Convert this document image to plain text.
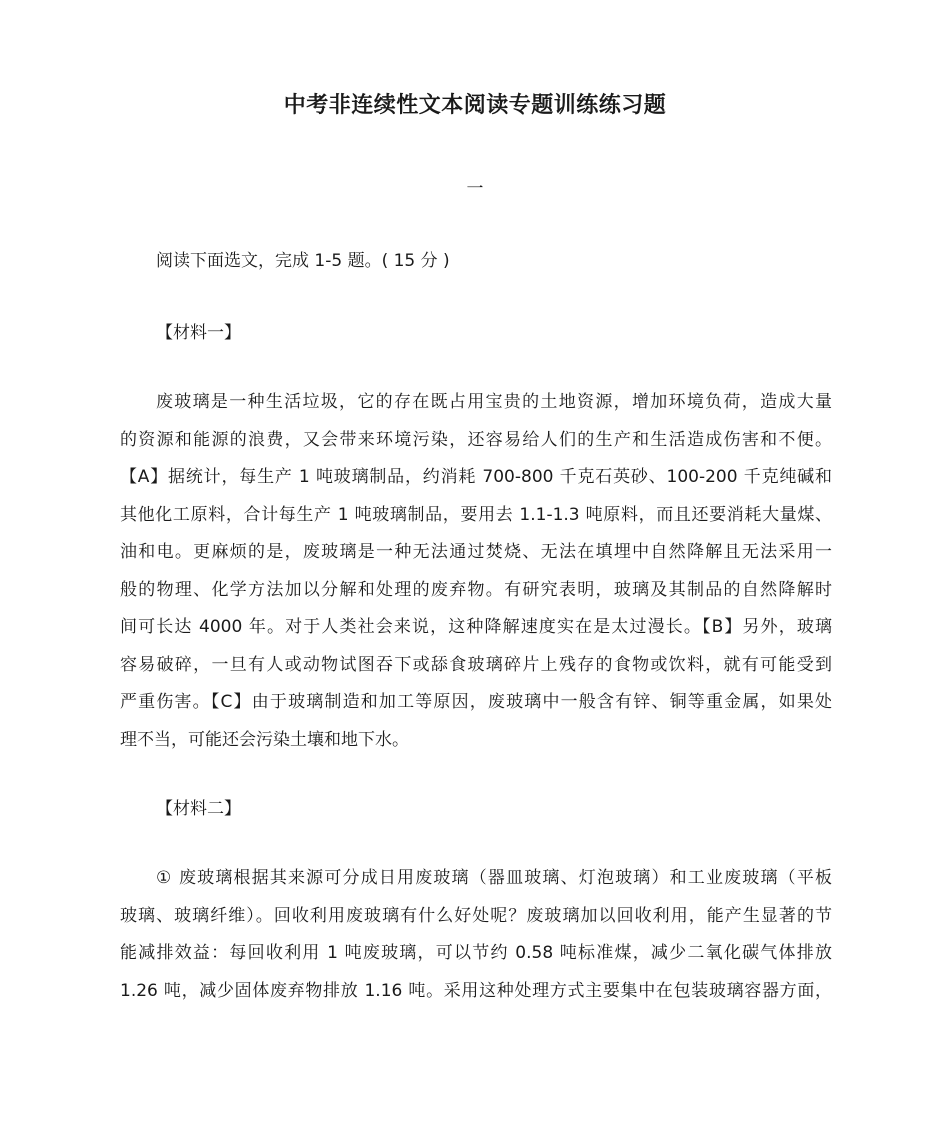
中考非连续性文本阅读专题训练练习题
一
阅读下面选文，完成 1-5 题。( 15 分 )
【材料一】
废玻璃是一种生活垃圾，它的存在既占用宝贵的土地资源，增加环境负荷，造成大量
的资源和能源的浪费，又会带来环境污染，还容易给人们的生产和生活造成伤害和不便。
【A】据统计，每生产 1 吨玻璃制品，约消耗 700-800 千克石英砂、100-200 千克纯碱和
其他化工原料，合计每生产 1 吨玻璃制品，要用去 1.1-1.3 吨原料，而且还要消耗大量煤、
油和电。更麻烦的是，废玻璃是一种无法通过焚烧、无法在填埋中自然降解且无法采用一
般的物理、化学方法加以分解和处理的废弃物。有研究表明，玻璃及其制品的自然降解时
间可长达 4000 年。对于人类社会来说，这种降解速度实在是太过漫长。【B】另外，玻璃
容易破碎，一旦有人或动物试图吞下或舔食玻璃碎片上残存的食物或饮料，就有可能受到
严重伤害。【C】由于玻璃制造和加工等原因，废玻璃中一般含有锌、铜等重金属，如果处
理不当，可能还会污染土壤和地下水。
【材料二】
① 废玻璃根据其来源可分成日用废玻璃（器皿玻璃、灯泡玻璃）和工业废玻璃（平板
玻璃、玻璃纤维）。回收利用废玻璃有什么好处呢？废玻璃加以回收利用，能产生显著的节
能减排效益：每回收利用 1 吨废玻璃，可以节约 0.58 吨标准煤，减少二氧化碳气体排放
1.26 吨，减少固体废弃物排放 1.16 吨。采用这种处理方式主要集中在包装玻璃容器方面，
